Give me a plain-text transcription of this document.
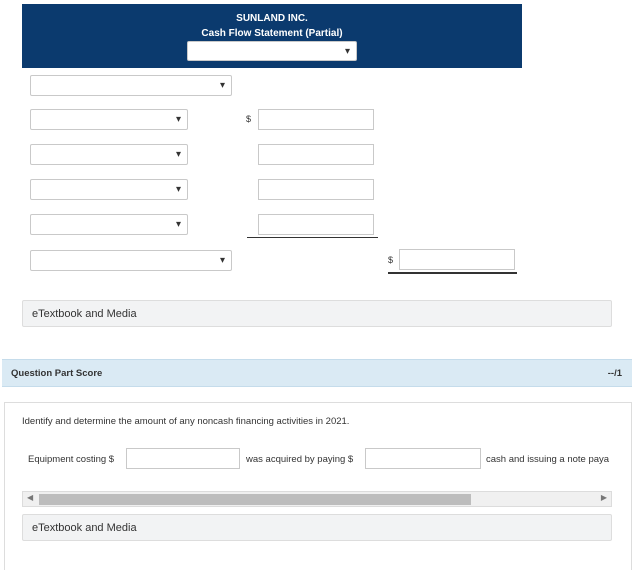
SUNLAND INC.
Cash Flow Statement (Partial)
▾
▾
▾	$
▾
▾
▾
▾	$
eTextbook and Media
Question Part Score	--/1
Identify and determine the amount of any noncash financing activities in 2021.
Equipment costing $	was acquired by paying $	cash and issuing a note paya
◀	▶
eTextbook and Media
